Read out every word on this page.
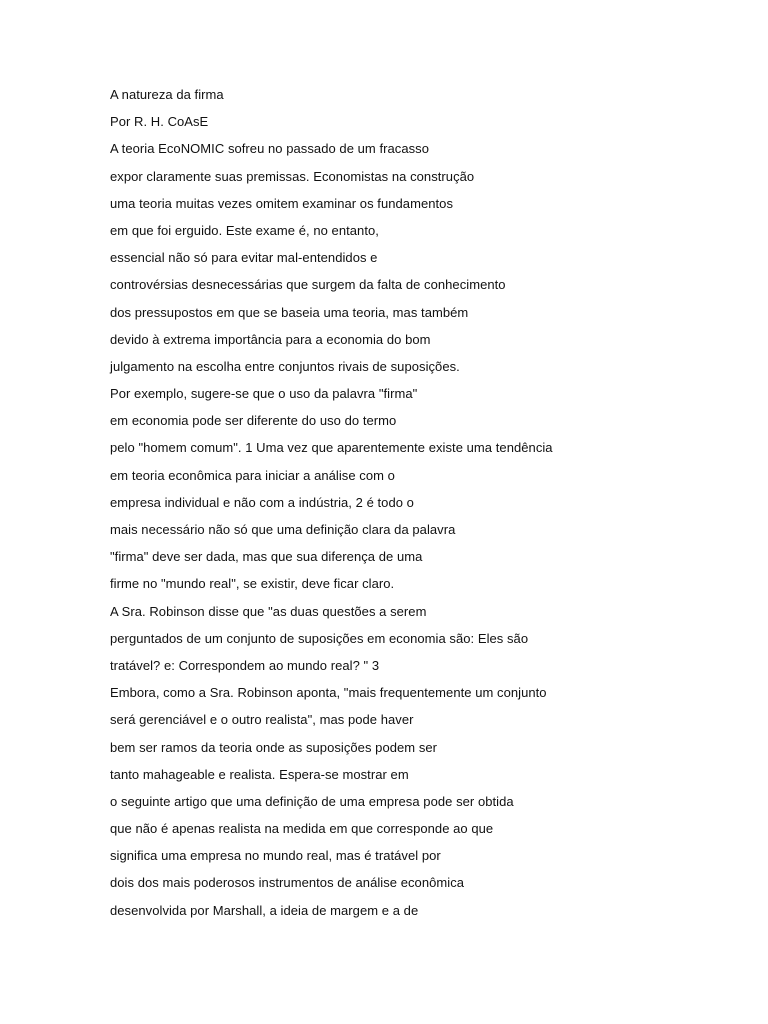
A natureza da firma
Por R. H. CoAsE
A teoria EcoNOMIC sofreu no passado de um fracasso
expor claramente suas premissas. Economistas na construção
uma teoria muitas vezes omitem examinar os fundamentos
em que foi erguido. Este exame é, no entanto,
essencial não só para evitar mal-entendidos e
controvérsias desnecessárias que surgem da falta de conhecimento
dos pressupostos em que se baseia uma teoria, mas também
devido à extrema importância para a economia do bom
julgamento na escolha entre conjuntos rivais de suposições.
Por exemplo, sugere-se que o uso da palavra "firma"
em economia pode ser diferente do uso do termo
pelo "homem comum". 1 Uma vez que aparentemente existe uma tendência
em teoria econômica para iniciar a análise com o
empresa individual e não com a indústria, 2 é todo o
mais necessário não só que uma definição clara da palavra
"firma" deve ser dada, mas que sua diferença de uma
firme no "mundo real", se existir, deve ficar claro.
A Sra. Robinson disse que "as duas questões a serem
perguntados de um conjunto de suposições em economia são: Eles são
tratável? e: Correspondem ao mundo real? " 3
Embora, como a Sra. Robinson aponta, "mais frequentemente um conjunto
será gerenciável e o outro realista", mas pode haver
bem ser ramos da teoria onde as suposições podem ser
tanto mahageable e realista. Espera-se mostrar em
o seguinte artigo que uma definição de uma empresa pode ser obtida
que não é apenas realista na medida em que corresponde ao que
significa uma empresa no mundo real, mas é tratável por
dois dos mais poderosos instrumentos de análise econômica
desenvolvida por Marshall, a ideia de margem e a de
